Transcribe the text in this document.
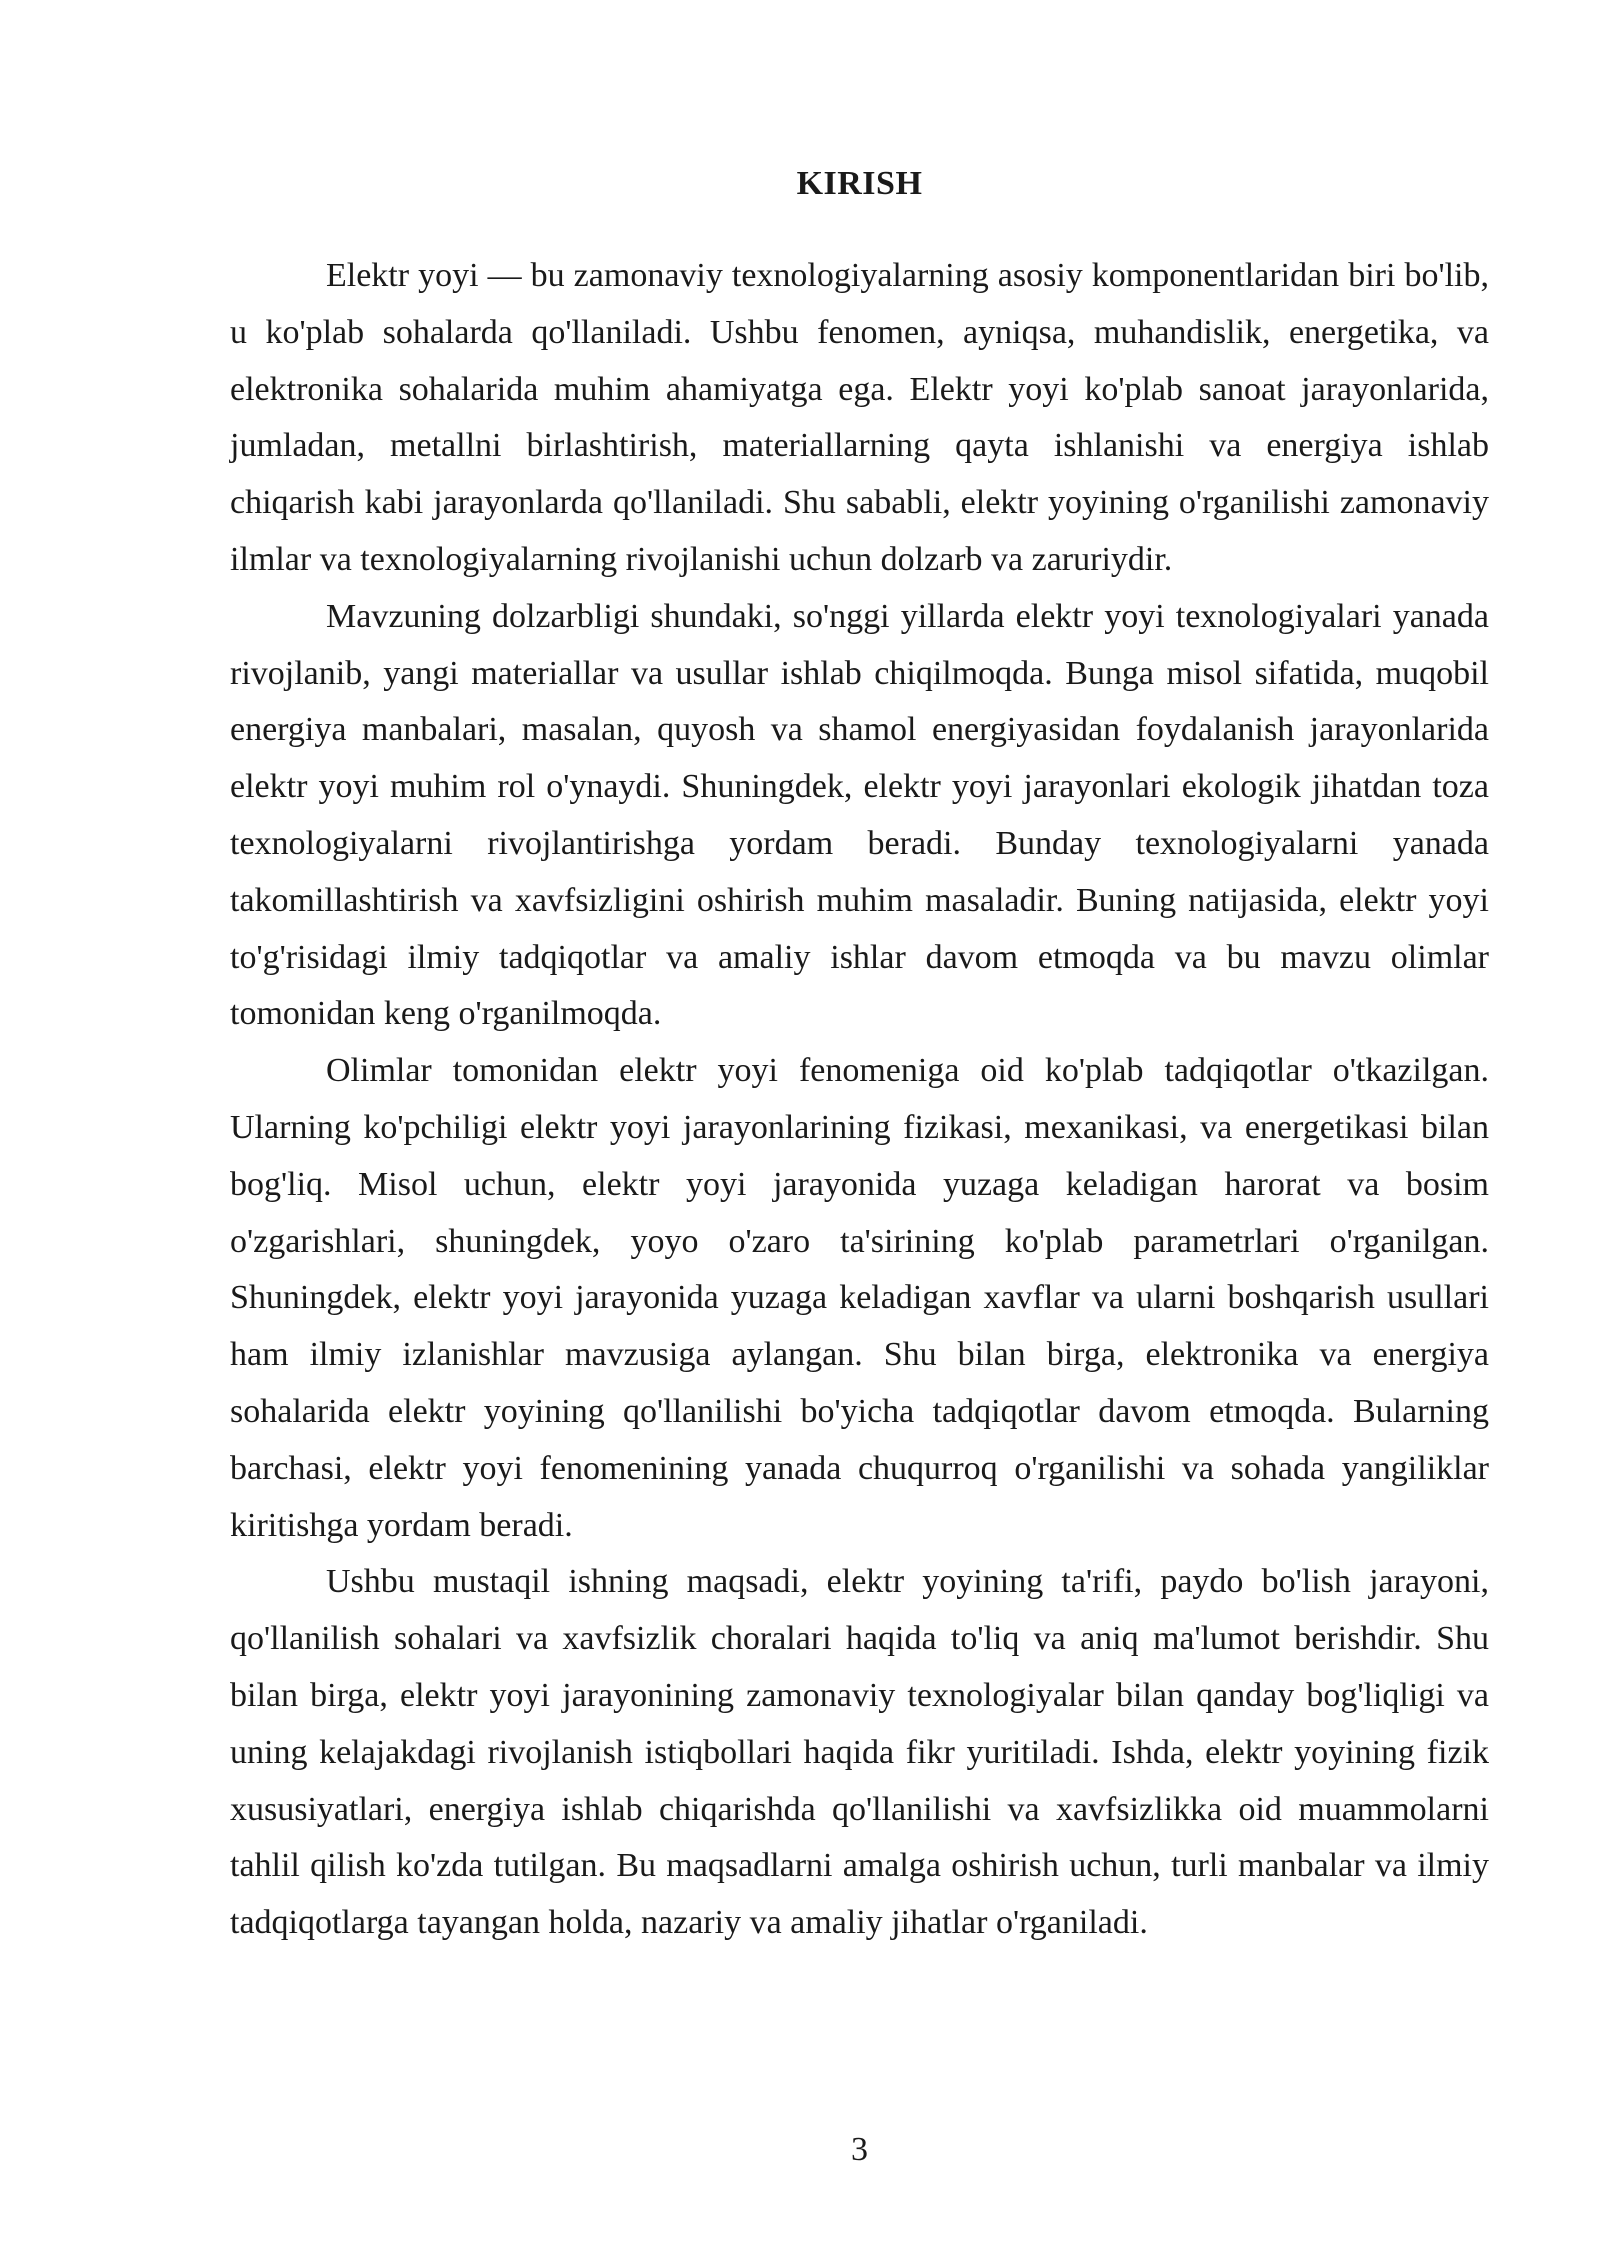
KIRISH

Elektr yoyi — bu zamonaviy texnologiyalarning asosiy komponentlaridan biri bo'lib, u ko'plab sohalarda qo'llaniladi. Ushbu fenomen, ayniqsa, muhandislik, energetika, va elektronika sohalarida muhim ahamiyatga ega. Elektr yoyi ko'plab sanoat jarayonlarida, jumladan, metallni birlashtirish, materiallarning qayta ishlanishi va energiya ishlab chiqarish kabi jarayonlarda qo'llaniladi. Shu sababli, elektr yoyining o'rganilishi zamonaviy ilmlar va texnologiyalarning rivojlanishi uchun dolzarb va zaruriydir.

Mavzuning dolzarbligi shundaki, so'nggi yillarda elektr yoyi texnologiyalari yanada rivojlanib, yangi materiallar va usullar ishlab chiqilmoqda. Bunga misol sifatida, muqobil energiya manbalari, masalan, quyosh va shamol energiyasidan foydalanish jarayonlarida elektr yoyi muhim rol o'ynaydi. Shuningdek, elektr yoyi jarayonlari ekologik jihatdan toza texnologiyalarni rivojlantirishga yordam beradi. Bunday texnologiyalarni yanada takomillashtirish va xavfsizligini oshirish muhim masaladir. Buning natijasida, elektr yoyi to'g'risidagi ilmiy tadqiqotlar va amaliy ishlar davom etmoqda va bu mavzu olimlar tomonidan keng o'rganilmoqda.

Olimlar tomonidan elektr yoyi fenomeniga oid ko'plab tadqiqotlar o'tkazilgan. Ularning ko'pchiligi elektr yoyi jarayonlarining fizikasi, mexanikasi, va energetikasi bilan bog'liq. Misol uchun, elektr yoyi jarayonida yuzaga keladigan harorat va bosim o'zgarishlari, shuningdek, yoyo o'zaro ta'sirining ko'plab parametrlari o'rganilgan. Shuningdek, elektr yoyi jarayonida yuzaga keladigan xavflar va ularni boshqarish usullari ham ilmiy izlanishlar mavzusiga aylangan. Shu bilan birga, elektronika va energiya sohalarida elektr yoyining qo'llanilishi bo'yicha tadqiqotlar davom etmoqda. Bularning barchasi, elektr yoyi fenomenining yanada chuqurroq o'rganilishi va sohada yangiliklar kiritishga yordam beradi.

Ushbu mustaqil ishning maqsadi, elektr yoyining ta'rifi, paydo bo'lish jarayoni, qo'llanilish sohalari va xavfsizlik choralari haqida to'liq va aniq ma'lumot berishdir. Shu bilan birga, elektr yoyi jarayonining zamonaviy texnologiyalar bilan qanday bog'liqligi va uning kelajakdagi rivojlanish istiqbollari haqida fikr yuritiladi. Ishda, elektr yoyining fizik xususiyatlari, energiya ishlab chiqarishda qo'llanilishi va xavfsizlikka oid muammolarni tahlil qilish ko'zda tutilgan. Bu maqsadlarni amalga oshirish uchun, turli manbalar va ilmiy tadqiqotlarga tayangan holda, nazariy va amaliy jihatlar o'rganiladi.

3
